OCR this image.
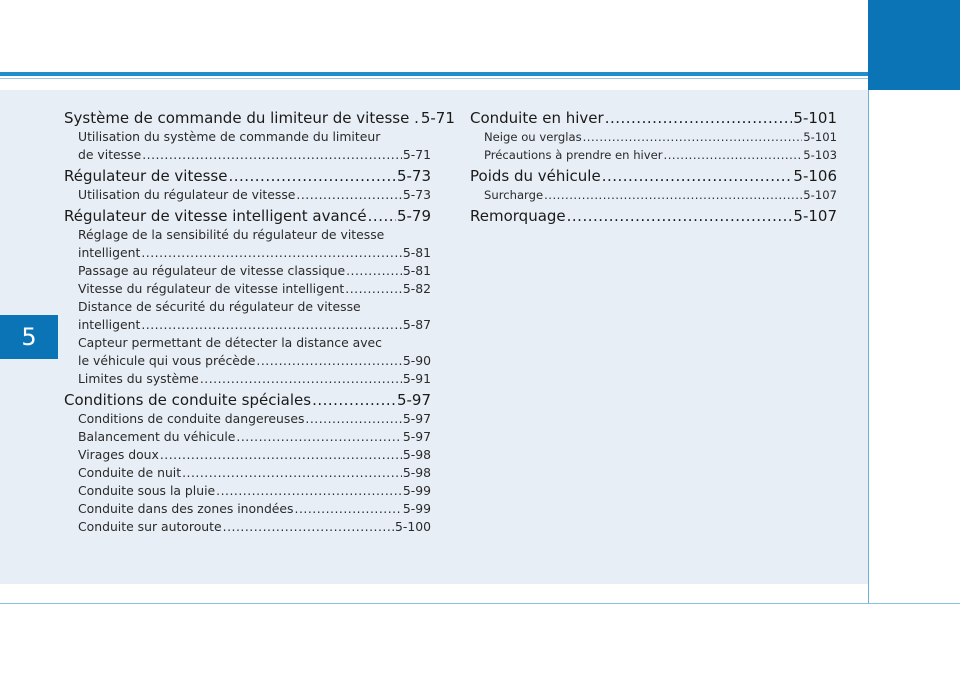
5
Système de commande du limiteur de vitesse . 5-71
Utilisation du système de commande du limiteur
de vitesse .....	5-71
Régulateur de vitesse .....	5-73
Utilisation du régulateur de vitesse .....	5-73
Régulateur de vitesse intelligent avancé ..... 5-79
Réglage de la sensibilité du régulateur de vitesse
intelligent .....	5-81
Passage au régulateur de vitesse classique .....	5-81
Vitesse du régulateur de vitesse intelligent .....	5-82
Distance de sécurité du régulateur de vitesse
intelligent .....	5-87
Capteur permettant de détecter la distance avec
le véhicule qui vous précède .....	5-90
Limites du système .....	5-91
Conditions de conduite spéciales .....	5-97
Conditions de conduite dangereuses .....	5-97
Balancement du véhicule .....	5-97
Virages doux .....	5-98
Conduite de nuit .....	5-98
Conduite sous la pluie .....	5-99
Conduite dans des zones inondées .....	5-99
Conduite sur autoroute .....	5-100
Conduite en hiver .....	5-101
Neige ou verglas .....	5-101
Précautions à prendre en hiver .....	5-103
Poids du véhicule .....	5-106
Surcharge .....	5-107
Remorquage .....	5-107
